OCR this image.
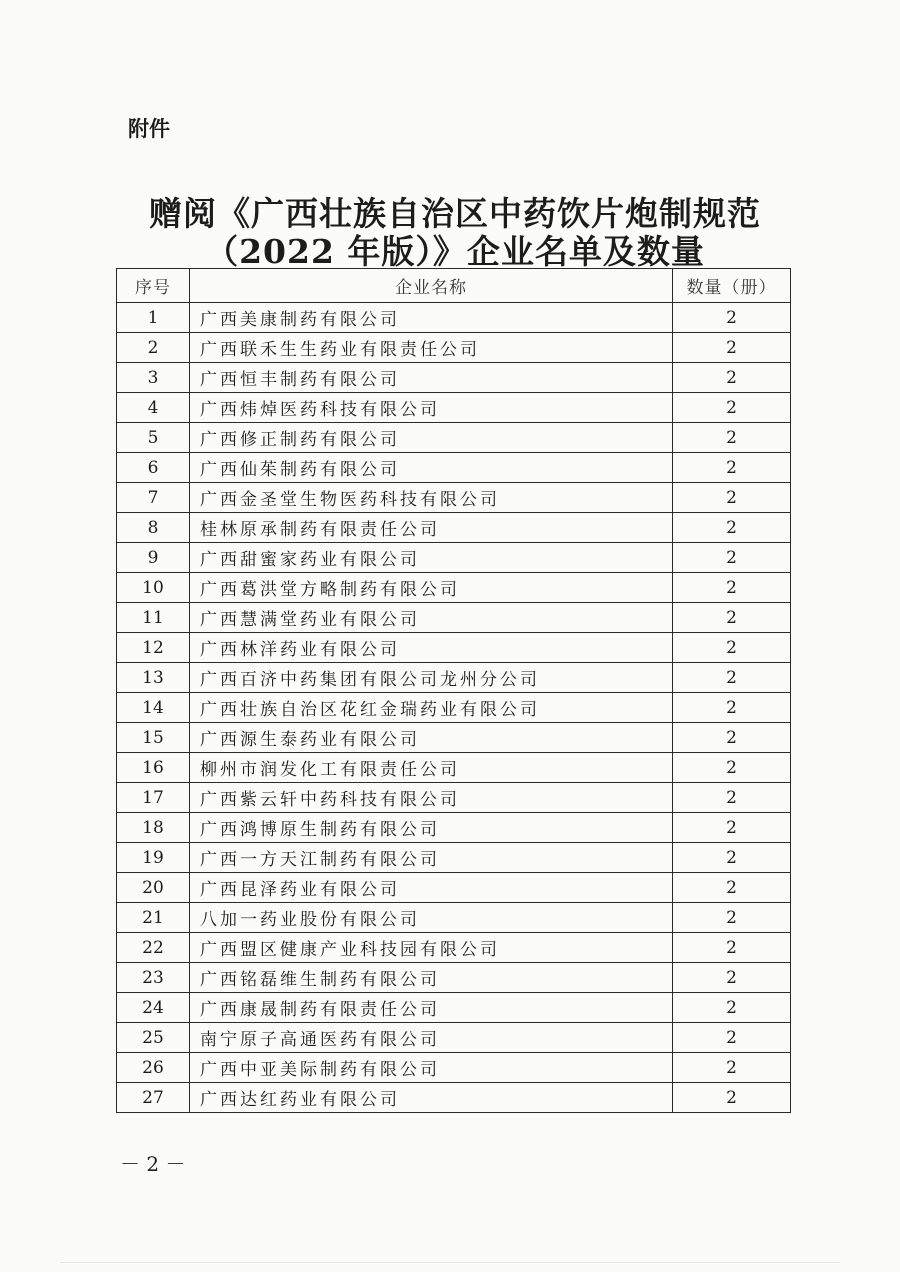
附件
赠阅《广西壮族自治区中药饮片炮制规范
（2022 年版）》企业名单及数量
序号	企业名称	数量（册）
1	广西美康制药有限公司	2
2	广西联禾生生药业有限责任公司	2
3	广西恒丰制药有限公司	2
4	广西炜焯医药科技有限公司	2
5	广西修正制药有限公司	2
6	广西仙茱制药有限公司	2
7	广西金圣堂生物医药科技有限公司	2
8	桂林原承制药有限责任公司	2
9	广西甜蜜家药业有限公司	2
10	广西葛洪堂方略制药有限公司	2
11	广西慧满堂药业有限公司	2
12	广西林洋药业有限公司	2
13	广西百济中药集团有限公司龙州分公司	2
14	广西壮族自治区花红金瑞药业有限公司	2
15	广西源生泰药业有限公司	2
16	柳州市润发化工有限责任公司	2
17	广西紫云轩中药科技有限公司	2
18	广西鸿博原生制药有限公司	2
19	广西一方天江制药有限公司	2
20	广西昆泽药业有限公司	2
21	八加一药业股份有限公司	2
22	广西盟区健康产业科技园有限公司	2
23	广西铭磊维生制药有限公司	2
24	广西康晟制药有限责任公司	2
25	南宁原子高通医药有限公司	2
26	广西中亚美际制药有限公司	2
27	广西达红药业有限公司	2
－ 2 －
